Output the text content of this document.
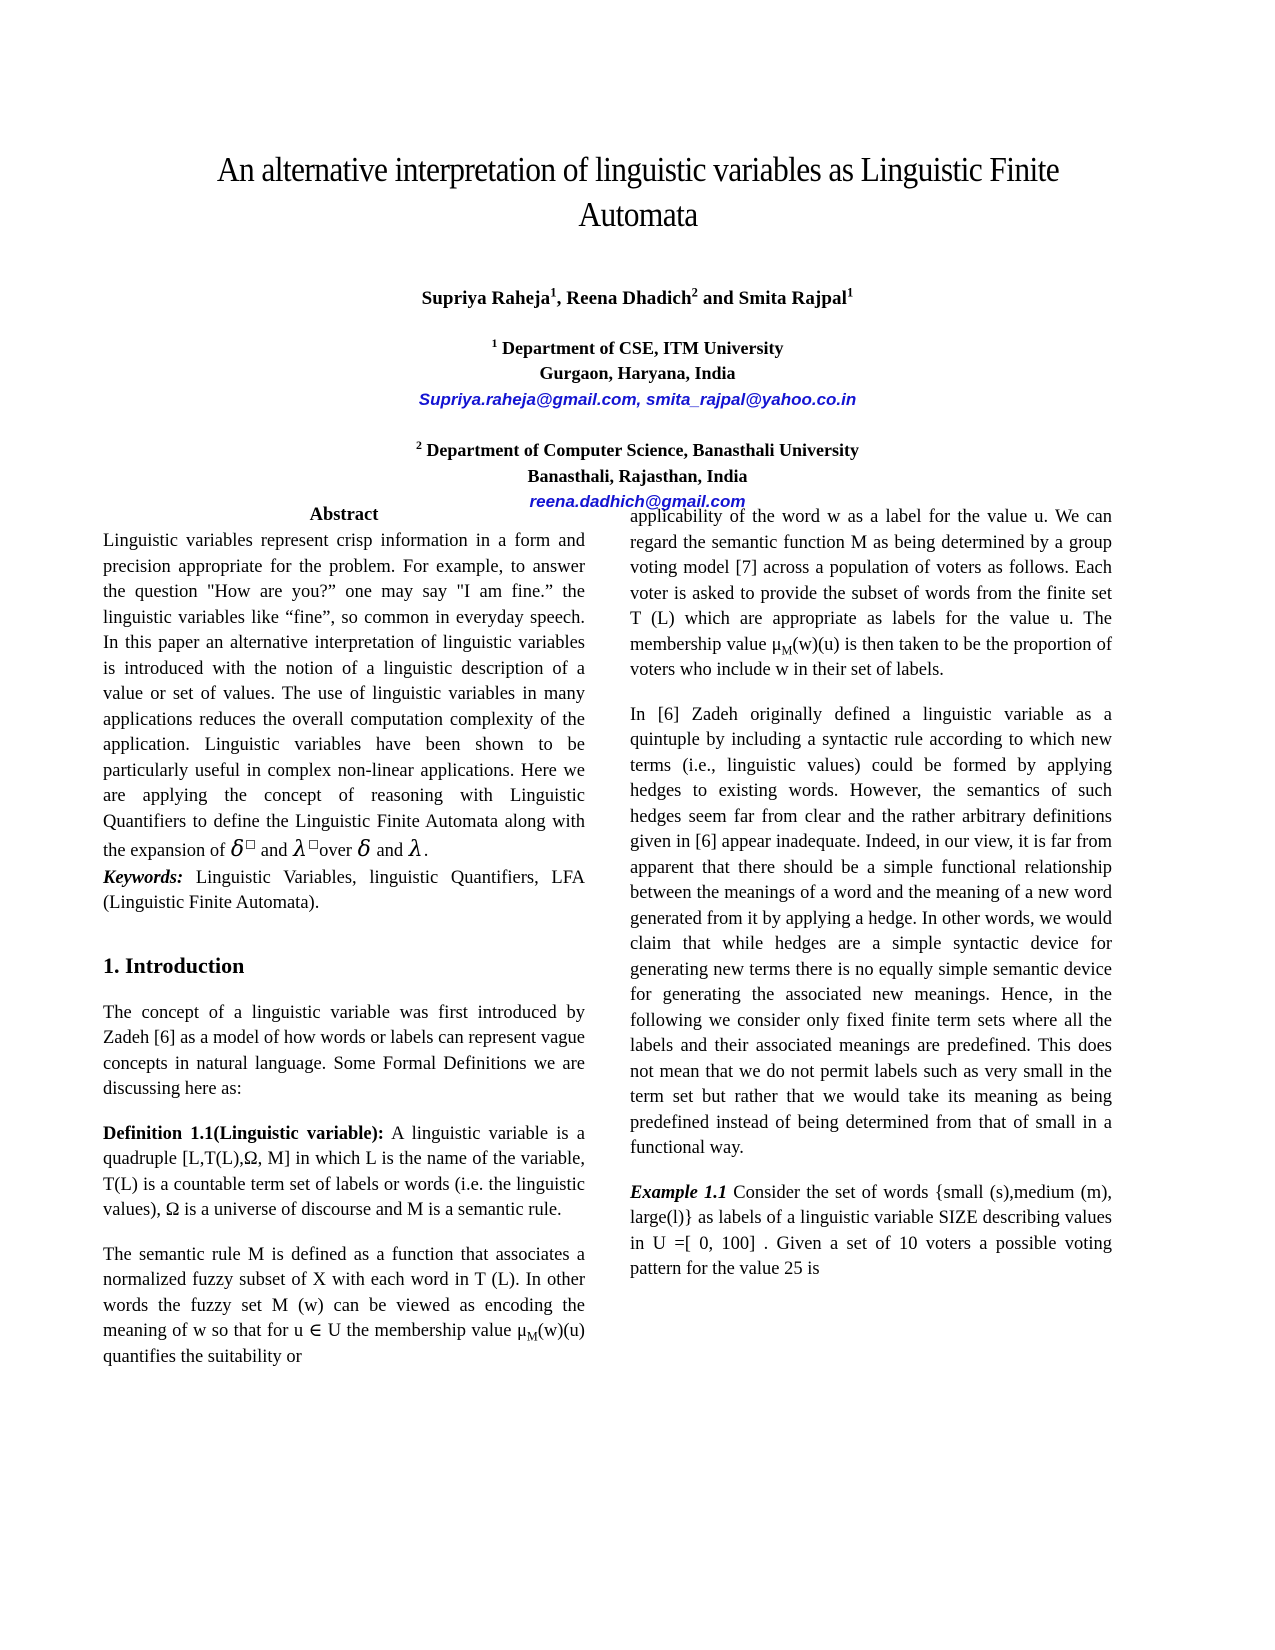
An alternative interpretation of linguistic variables as Linguistic Finite Automata
Supriya Raheja$^1$, Reena Dhadich$^2$ and Smita Rajpal$^1$
$^1$ Department of CSE, ITM University
Gurgaon, Haryana, India
Supriya.raheja@gmail.com, smita_rajpal@yahoo.co.in
$^2$ Department of Computer Science, Banasthali University
Banasthali, Rajasthan, India
reena.dadhich@gmail.com
Abstract

Linguistic variables represent crisp information in a form and precision appropriate for the problem. For example, to answer the question "How are you?” one may say "I am fine.” the linguistic variables like “fine”, so common in everyday speech. In this paper an alternative interpretation of linguistic variables is introduced with the notion of a linguistic description of a value or set of values. The use of linguistic variables in many applications reduces the overall computation complexity of the application. Linguistic variables have been shown to be particularly useful in complex non-linear applications. Here we are applying the concept of reasoning with Linguistic Quantifiers to define the Linguistic Finite Automata along with the expansion of δ and λ over δ and λ.

Keywords: Linguistic Variables, linguistic Quantifiers, LFA (Linguistic Finite Automata).

1. Introduction

The concept of a linguistic variable was first introduced by Zadeh [6] as a model of how words or labels can represent vague concepts in natural language. Some Formal Definitions we are discussing here as:

Definition 1.1(Linguistic variable): A linguistic variable is a quadruple [L,T(L),Ω, M] in which L is the name of the variable, T(L) is a countable term set of labels or words (i.e. the linguistic values), Ω is a universe of discourse and M is a semantic rule.

The semantic rule M is defined as a function that associates a normalized fuzzy subset of X with each word in T (L). In other words the fuzzy set M (w) can be viewed as encoding the meaning of w so that for u ∈ U the membership value $\mu_M(w)(u)$ quantifies the suitability or

applicability of the word w as a label for the value u. We can regard the semantic function M as being determined by a group voting model [7] across a population of voters as follows. Each voter is asked to provide the subset of words from the finite set T (L) which are appropriate as labels for the value u. The membership value $\mu_M(w)(u)$ is then taken to be the proportion of voters who include w in their set of labels.

In [6] Zadeh originally defined a linguistic variable as a quintuple by including a syntactic rule according to which new terms (i.e., linguistic values) could be formed by applying hedges to existing words. However, the semantics of such hedges seem far from clear and the rather arbitrary definitions given in [6] appear inadequate. Indeed, in our view, it is far from apparent that there should be a simple functional relationship between the meanings of a word and the meaning of a new word generated from it by applying a hedge. In other words, we would claim that while hedges are a simple syntactic device for generating new terms there is no equally simple semantic device for generating the associated new meanings. Hence, in the following we consider only fixed finite term sets where all the labels and their associated meanings are predefined. This does not mean that we do not permit labels such as very small in the term set but rather that we would take its meaning as being predefined instead of being determined from that of small in a functional way.

Example 1.1 Consider the set of words {small (s),medium (m), large(l)} as labels of a linguistic variable SIZE describing values in U =[ 0, 100] . Given a set of 10 voters a possible voting pattern for the value 25 is
